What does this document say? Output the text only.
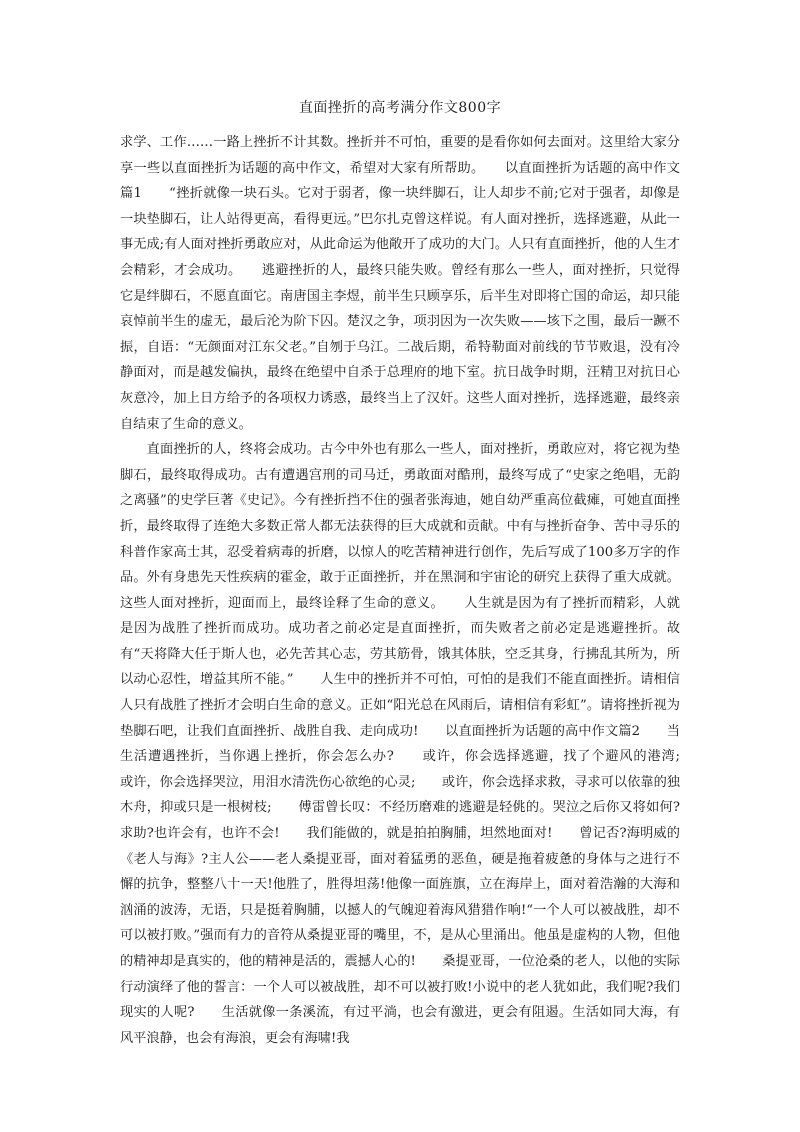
直面挫折的高考满分作文800字

求学、工作……一路上挫折不计其数。挫折并不可怕，重要的是看你如何去面对。这里给大家分享一些以直面挫折为话题的高中作文，希望对大家有所帮助。　　以直面挫折为话题的高中作文篇1　　“挫折就像一块石头。它对于弱者，像一块绊脚石，让人却步不前;它对于强者，却像是一块垫脚石，让人站得更高，看得更远。”巴尔扎克曾这样说。有人面对挫折，选择逃避，从此一事无成;有人面对挫折勇敢应对，从此命运为他敞开了成功的大门。人只有直面挫折，他的人生才会精彩，才会成功。　　逃避挫折的人，最终只能失败。曾经有那么一些人，面对挫折，只觉得它是绊脚石，不愿直面它。南唐国主李煜，前半生只顾享乐，后半生对即将亡国的命运，却只能哀悼前半生的虚无，最后沦为阶下囚。楚汉之争，项羽因为一次失败——垓下之围，最后一蹶不振，自语：“无颜面对江东父老。”自刎于乌江。二战后期，希特勒面对前线的节节败退，没有冷静面对，而是越发偏执，最终在绝望中自杀于总理府的地下室。抗日战争时期，汪精卫对抗日心灰意冷，加上日方给予的各项权力诱惑，最终当上了汉奸。这些人面对挫折，选择逃避，最终亲自结束了生命的意义。

　　直面挫折的人，终将会成功。古今中外也有那么一些人，面对挫折，勇敢应对，将它视为垫脚石，最终取得成功。古有遭遇宫刑的司马迁，勇敢面对酷刑，最终写成了“史家之绝唱，无韵之离骚”的史学巨著《史记》。今有挫折挡不住的强者张海迪，她自幼严重高位截瘫，可她直面挫折，最终取得了连绝大多数正常人都无法获得的巨大成就和贡献。中有与挫折奋争、苦中寻乐的科普作家高士其，忍受着病毒的折磨，以惊人的吃苦精神进行创作，先后写成了100多万字的作品。外有身患先天性疾病的霍金，敢于正面挫折，并在黑洞和宇宙论的研究上获得了重大成就。这些人面对挫折，迎面而上，最终诠释了生命的意义。　　人生就是因为有了挫折而精彩，人就是因为战胜了挫折而成功。成功者之前必定是直面挫折，而失败者之前必定是逃避挫折。故有“天将降大任于斯人也，必先苦其心志，劳其筋骨，饿其体肤，空乏其身，行拂乱其所为，所以动心忍性，增益其所不能。”　　人生中的挫折并不可怕，可怕的是我们不能直面挫折。请相信人只有战胜了挫折才会明白生命的意义。正如“阳光总在风雨后，请相信有彩虹”。请将挫折视为垫脚石吧，让我们直面挫折、战胜自我、走向成功!　　以直面挫折为话题的高中作文篇2　　当生活遭遇挫折，当你遇上挫折，你会怎么办?　　或许，你会选择逃避，找了个避风的港湾;　　或许，你会选择哭泣，用泪水清洗伤心欲绝的心灵;　　或许，你会选择求救，寻求可以依靠的独木舟，抑或只是一根树枝;　　傅雷曾长叹：不经历磨难的逃避是轻佻的。哭泣之后你又将如何?求助?也许会有，也许不会!　　我们能做的，就是拍拍胸脯，坦然地面对!　　曾记否?海明威的《老人与海》?主人公——老人桑提亚哥，面对着猛勇的恶鱼，硬是拖着疲惫的身体与之进行不懈的抗争，整整八十一天!他胜了，胜得坦荡!他像一面旌旗，立在海岸上，面对着浩瀚的大海和汹涌的波涛，无语，只是挺着胸脯，以撼人的气魄迎着海风猎猎作响!“一个人可以被战胜，却不可以被打败。”强而有力的音符从桑提亚哥的嘴里，不，是从心里涌出。他虽是虚构的人物，但他的精神却是真实的，他的精神是活的，震撼人心的!　　桑提亚哥，一位沧桑的老人，以他的实际行动演绎了他的誓言：一个人可以被战胜，却不可以被打败!小说中的老人犹如此，我们呢?我们现实的人呢?　　生活就像一条溪流，有过平淌，也会有激进，更会有阻遏。生活如同大海，有风平浪静，也会有海浪，更会有海啸!我
